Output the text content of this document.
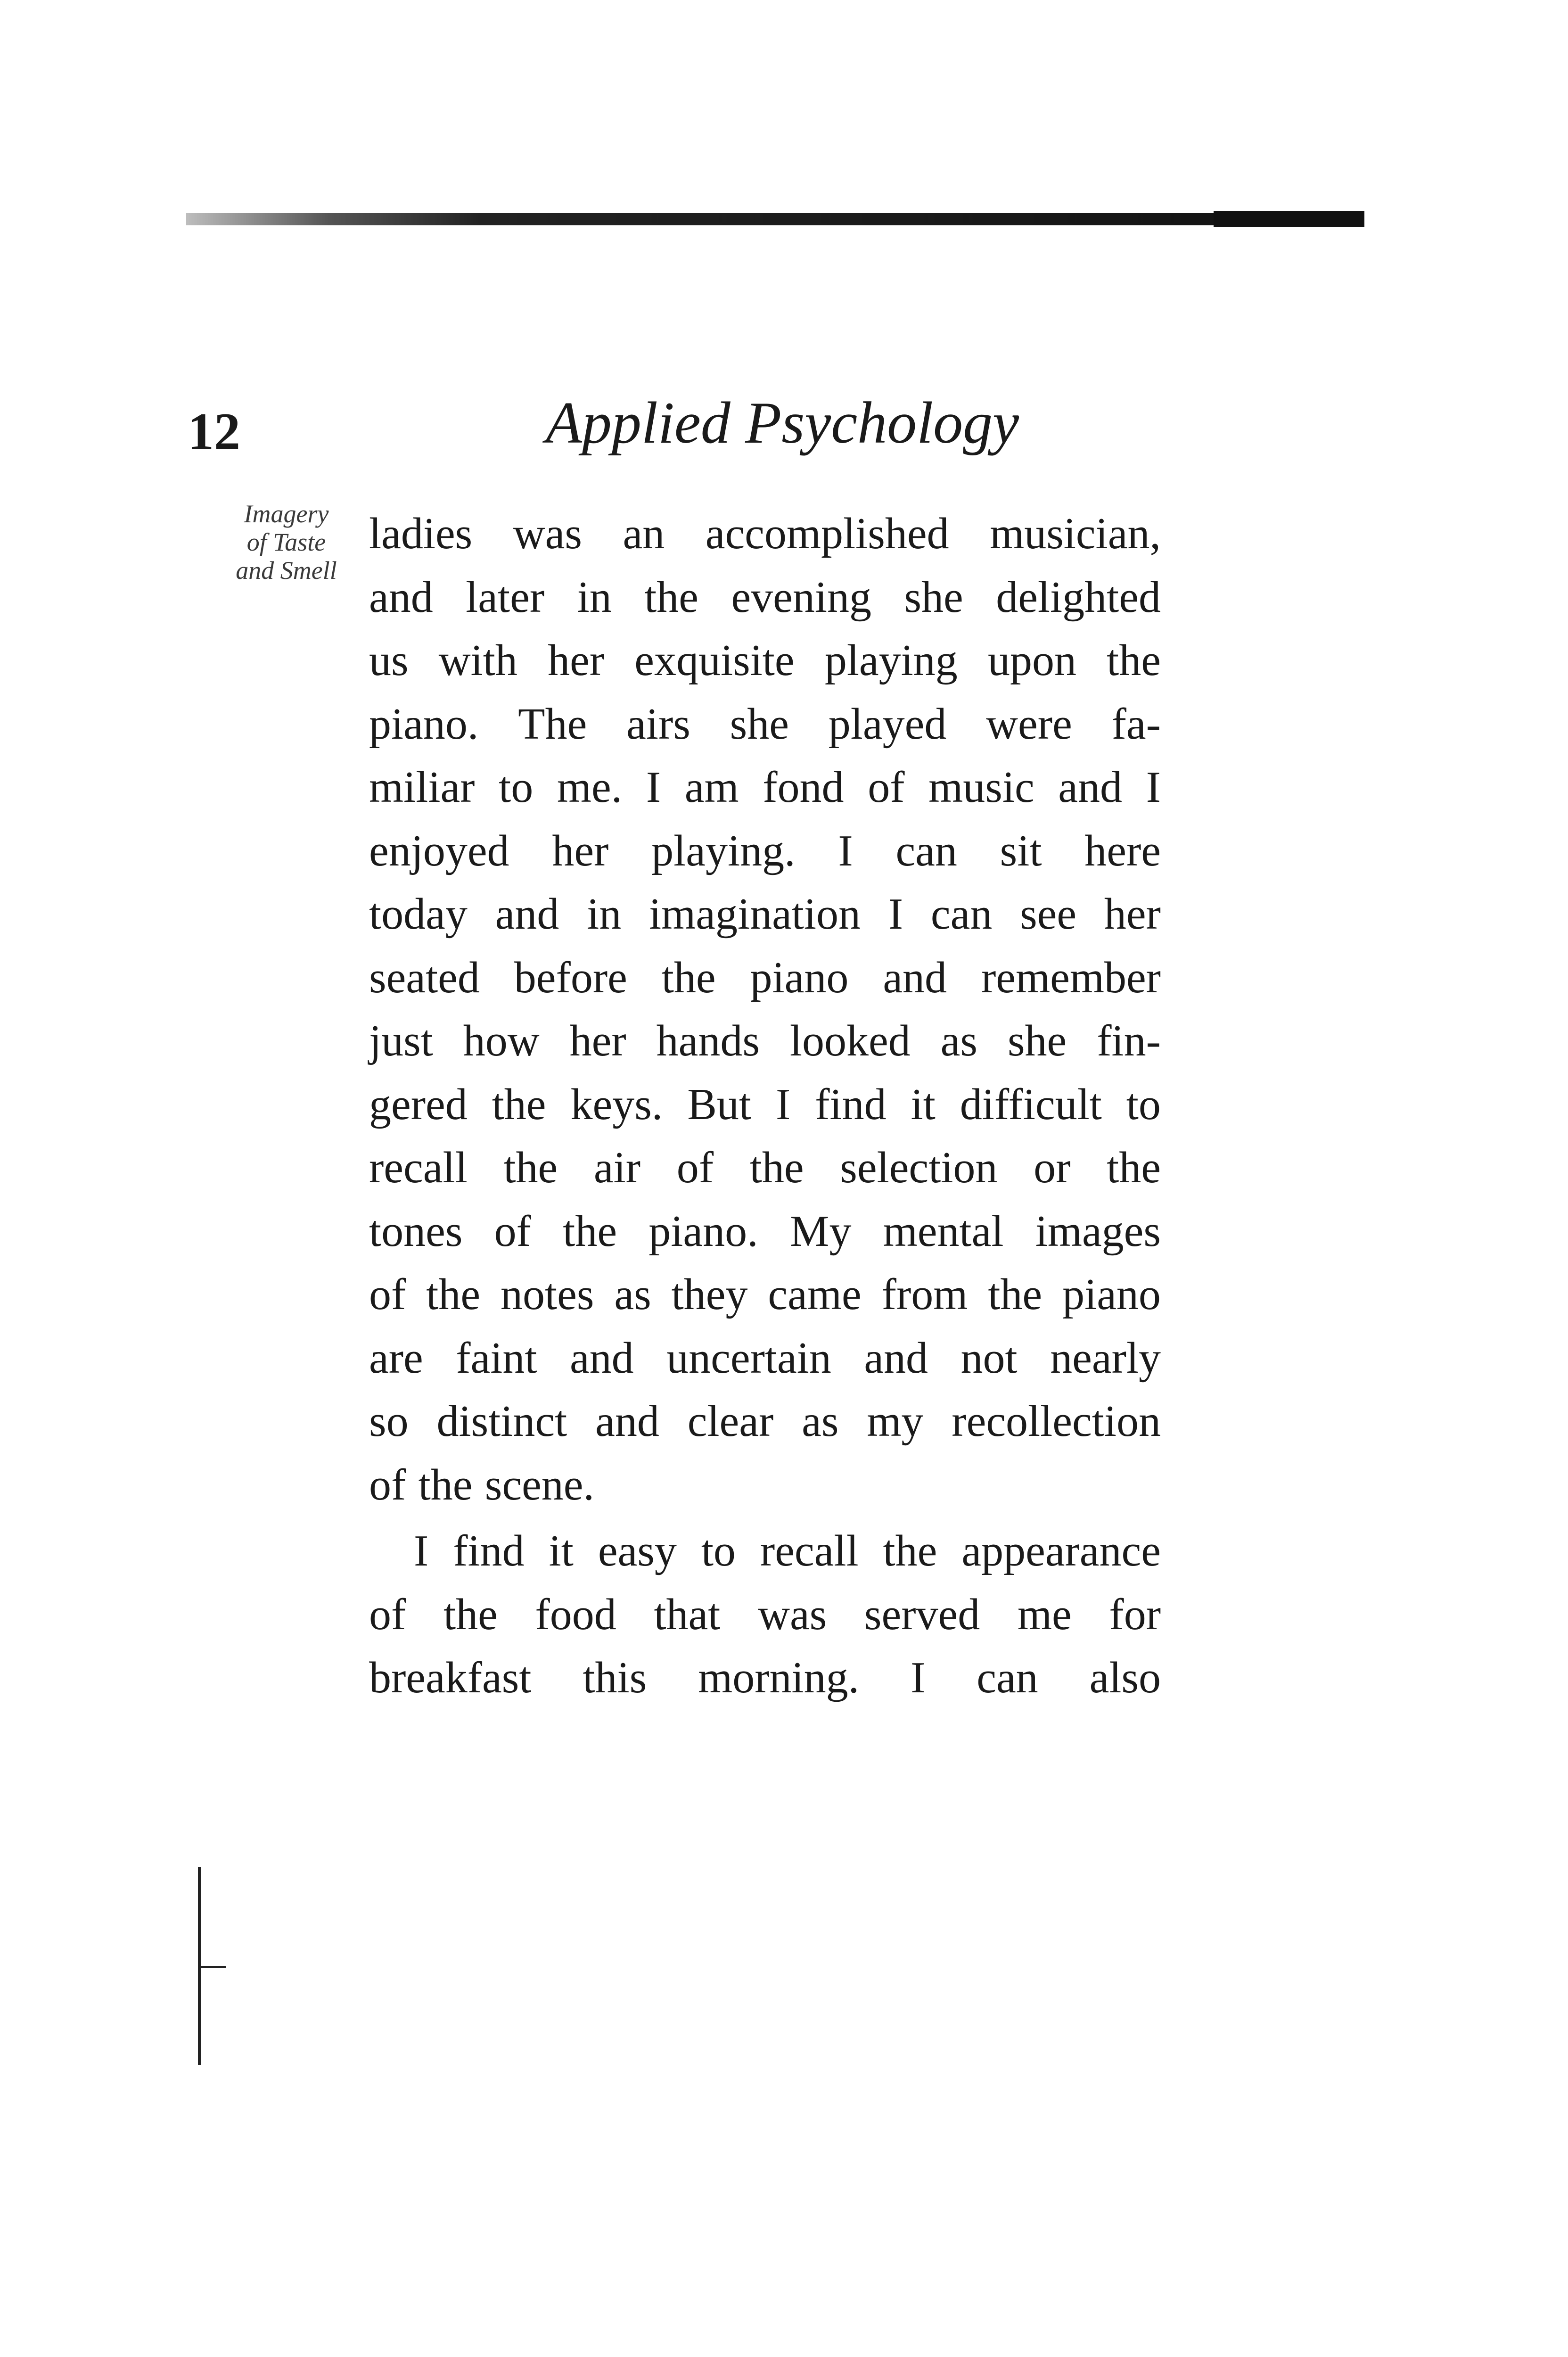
12	Applied Psychology
Imagery
of Taste
and Smell
ladies was an accomplished musician,
and later in the evening she delighted
us with her exquisite playing upon the
piano. The airs she played were fa-
miliar to me. I am fond of music and I
enjoyed her playing. I can sit here
today and in imagination I can see her
seated before the piano and remember
just how her hands looked as she fin-
gered the keys. But I find it difficult to
recall the air of the selection or the
tones of the piano. My mental images
of the notes as they came from the piano
are faint and uncertain and not nearly
so distinct and clear as my recollection
of the scene.
I find it easy to recall the appearance
of the food that was served me for
breakfast this morning. I can also
